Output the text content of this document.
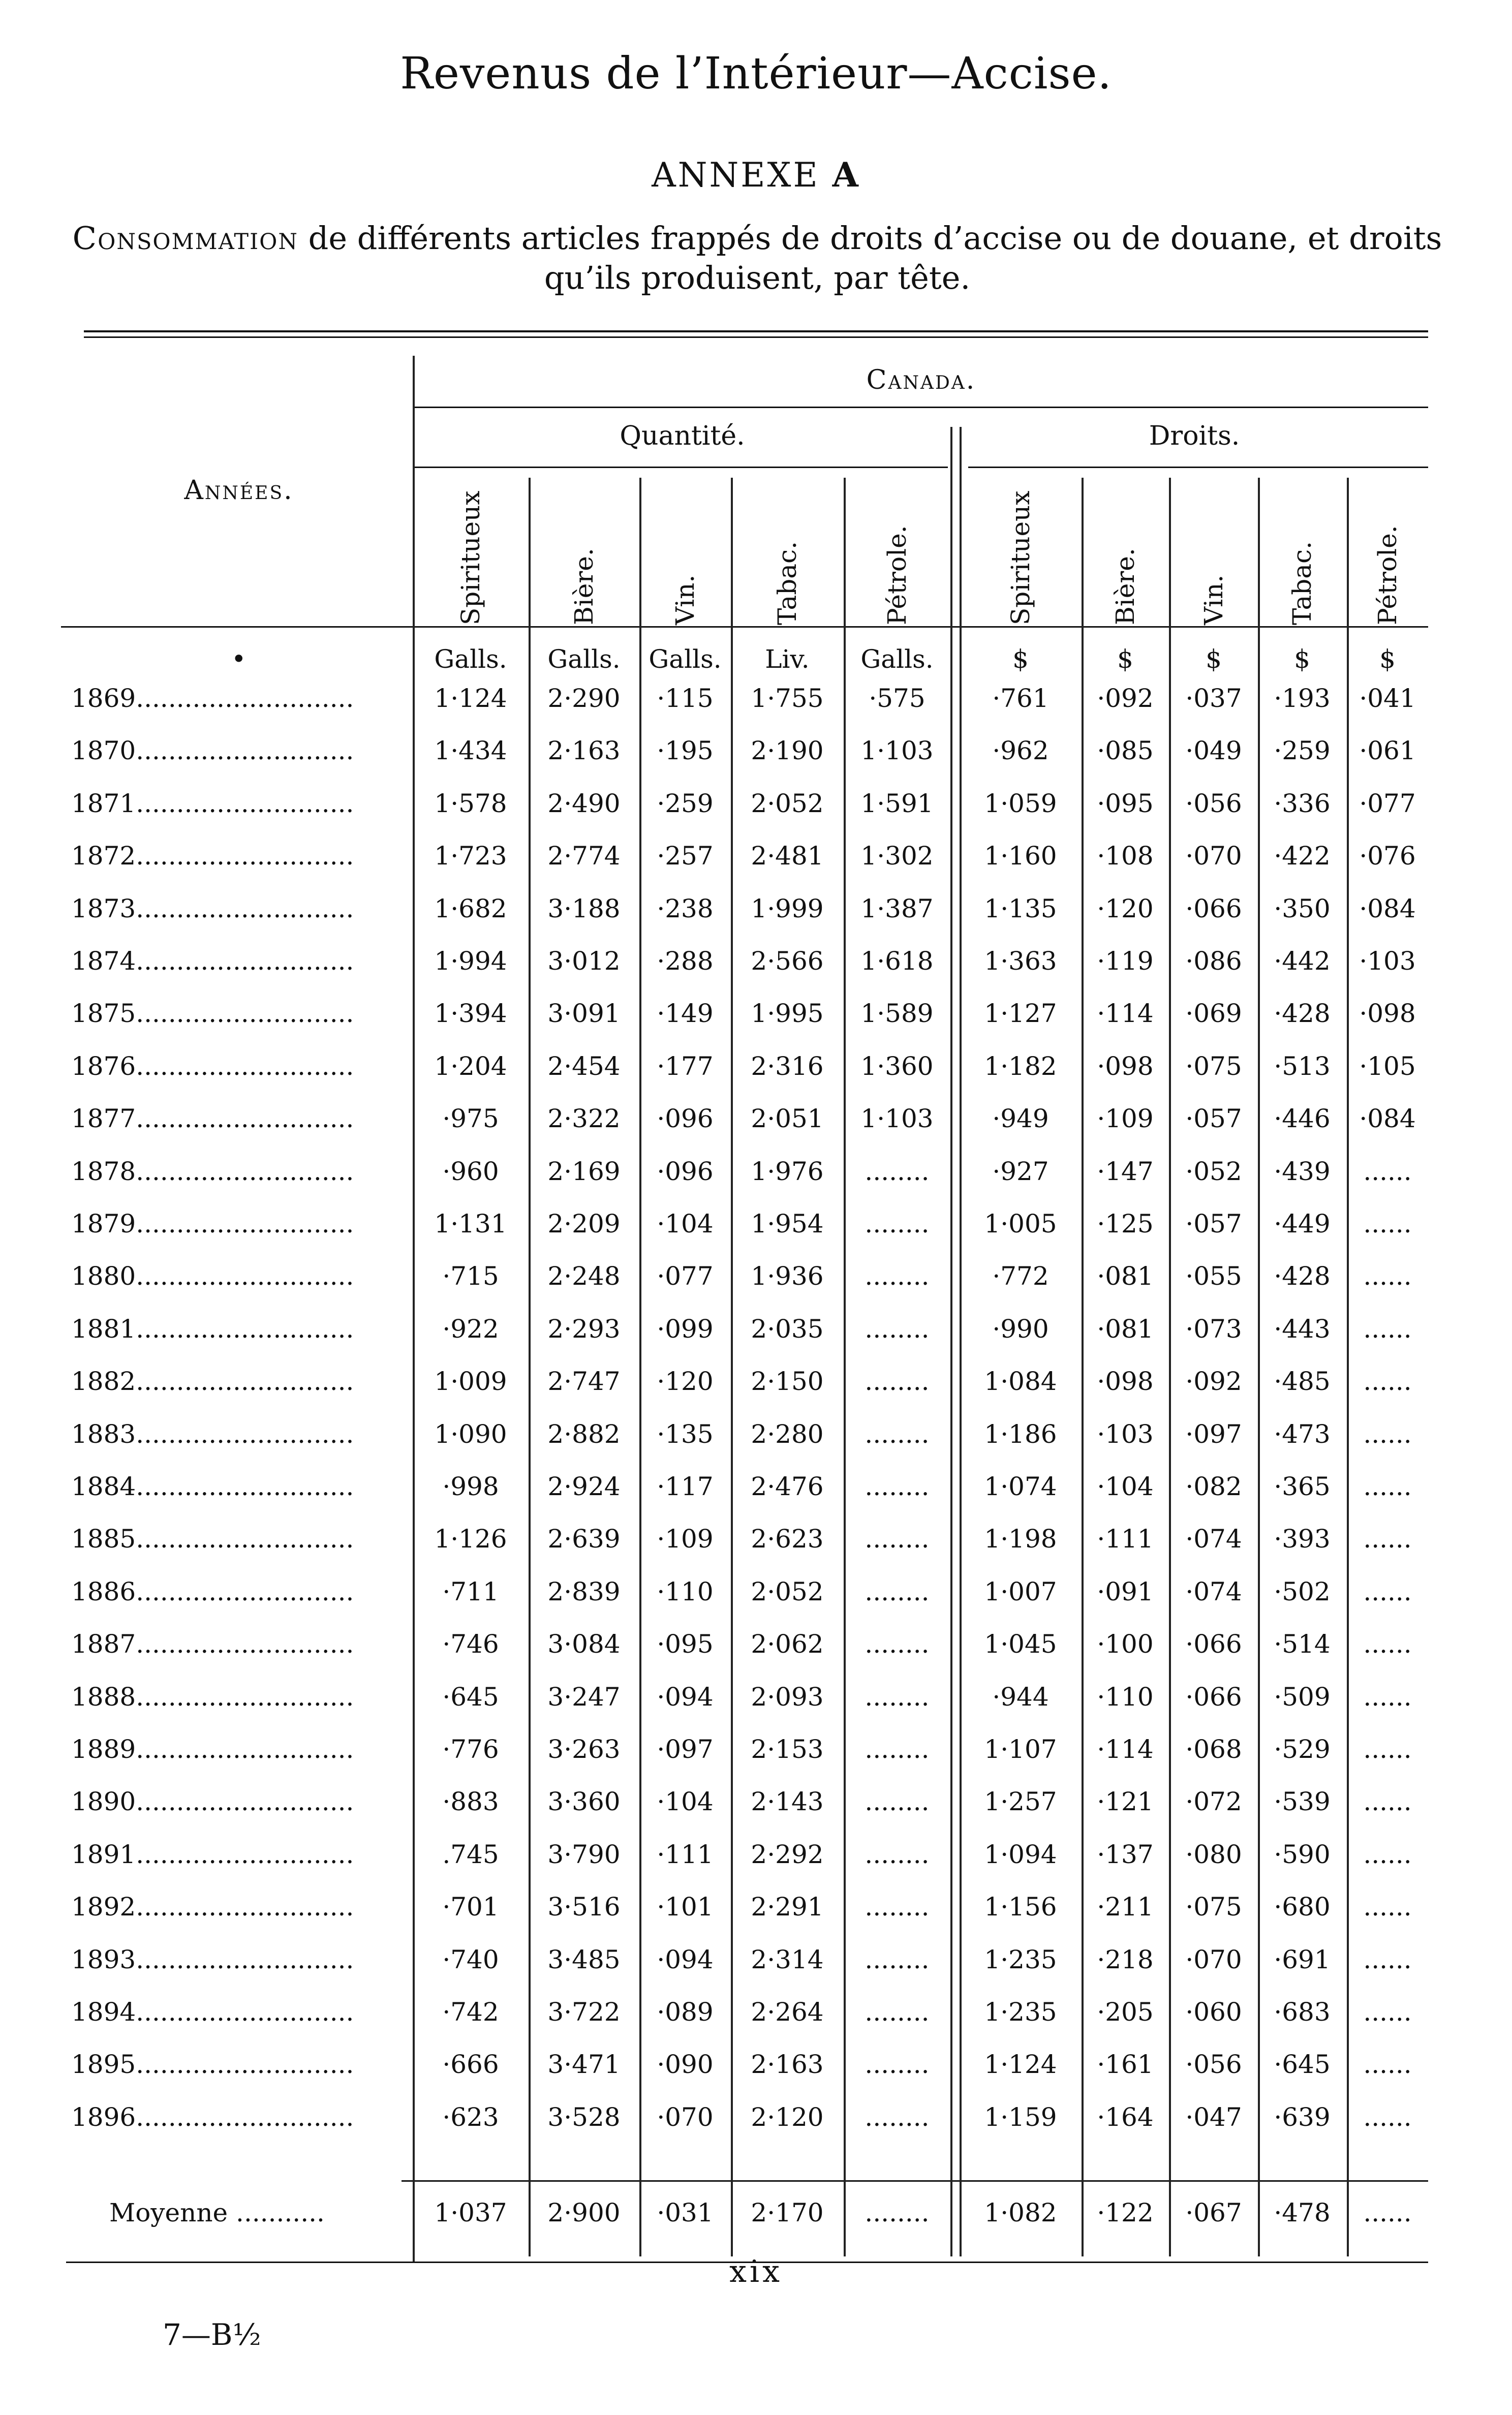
Revenus de l’Intérieur—Accise.
ANNEXE A
Consommation de différents articles frappés de droits d’accise ou de douane, et droits qu’ils produisent, par tête.
Années.
Canada.
Quantité.	Droits.
Spiritueux	Bière.	Vin.	Tabac.	Pétrole.	Spiritueux	Bière. Vin. Tabac. Pétrole.
Galls.	Galls.	Galls.	Liv.	Galls.	$	$	$	$	$
•
1869...........................	1·124	2·290	·115	1·755	·575	·761	·092	·037	·193	·041
1870...........................	1·434	2·163	·195	2·190	1·103	·962	·085	·049	·259	·061
1871...........................	1·578	2·490	·259	2·052	1·591	1·059	·095	·056	·336	·077
1872...........................	1·723	2·774	·257	2·481	1·302	1·160	·108	·070	·422	·076
1873...........................	1·682	3·188	·238	1·999	1·387	1·135	·120	·066	·350	·084
1874...........................	1·994	3·012	·288	2·566	1·618	1·363	·119	·086	·442	·103
1875...........................	1·394	3·091	·149	1·995	1·589	1·127	·114	·069	·428	·098
1876...........................	1·204	2·454	·177	2·316	1·360	1·182	·098	·075	·513	·105
1877...........................	·975	2·322	·096	2·051	1·103	·949	·109	·057	·446	·084
1878...........................	·960	2·169	·096	1·976	........	·927	·147	·052	·439	......
1879...........................	1·131	2·209	·104	1·954	........	1·005	·125	·057	·449	......
1880...........................	·715	2·248	·077	1·936	........	·772	·081	·055	·428	......
1881...........................	·922	2·293	·099	2·035	........	·990	·081	·073	·443	......
1882...........................	1·009	2·747	·120	2·150	........	1·084	·098	·092	·485	......
1883...........................	1·090	2·882	·135	2·280	........	1·186	·103	·097	·473	......
1884...........................	·998	2·924	·117	2·476	........	1·074	·104	·082	·365	......
1885...........................	1·126	2·639	·109	2·623	........	1·198	·111	·074	·393	......
1886...........................	·711	2·839	·110	2·052	........	1·007	·091	·074	·502	......
1887...........................	·746	3·084	·095	2·062	........	1·045	·100	·066	·514	......
1888...........................	·645	3·247	·094	2·093	........	·944	·110	·066	·509	......
1889...........................	·776	3·263	·097	2·153	........	1·107	·114	·068	·529	......
1890...........................	·883	3·360	·104	2·143	........	1·257	·121	·072	·539	......
1891...........................	.745	3·790	·111	2·292	........	1·094	·137	·080	·590	......
1892...........................	·701	3·516	·101	2·291	........	1·156	·211	·075	·680	......
1893...........................	·740	3·485	·094	2·314	........	1·235	·218	·070	·691	......
1894...........................	·742	3·722	·089	2·264	........	1·235	·205	·060	·683	......
1895...........................	·666	3·471	·090	2·163	........	1·124	·161	·056	·645	......
1896...........................	·623	3·528	·070	2·120	........	1·159	·164	·047	·639	......
Moyenne ...........	1·037	2·900	·031	2·170	........	1·082	·122	·067	·478	......
xix
7—B½
